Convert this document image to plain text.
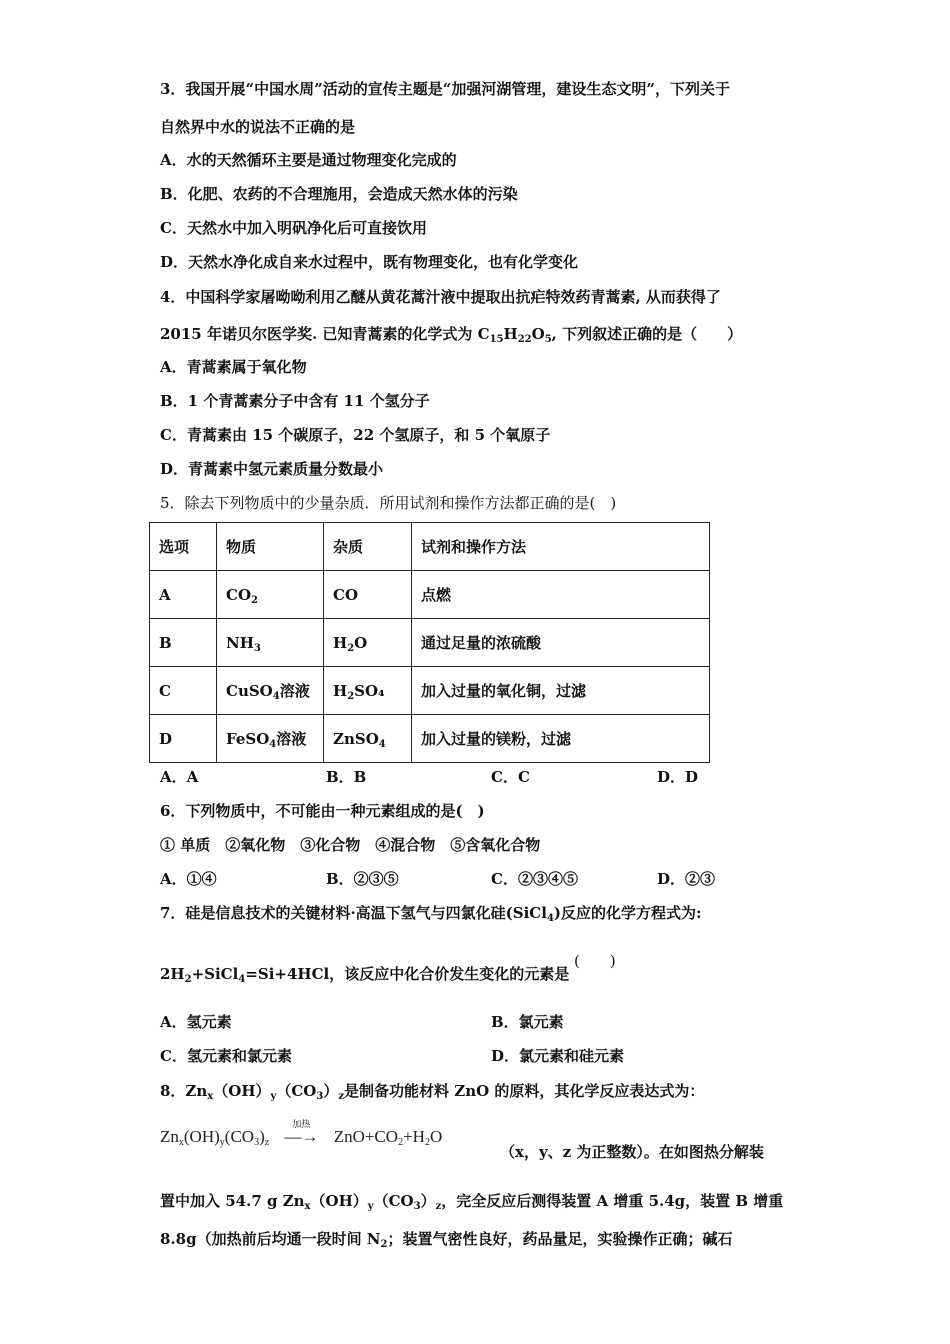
3．我国开展“中国水周”活动的宣传主题是“加强河湖管理，建设生态文明”，下列关于
自然界中水的说法不正确的是
A．水的天然循环主要是通过物理变化完成的
B．化肥、农药的不合理施用，会造成天然水体的污染
C．天然水中加入明矾净化后可直接饮用
D．天然水净化成自来水过程中，既有物理变化，也有化学变化
4．中国科学家屠呦呦利用乙醚从黄花蒿汁液中提取出抗疟特效药青蒿素, 从而获得了
2015 年诺贝尔医学奖. 已知青蒿素的化学式为 $C_{15}H_{22}O_5$, 下列叙述正确的是（　　）
A．青蒿素属于氧化物
B．1 个青蒿素分子中含有 11 个氢分子
C．青蒿素由 15 个碳原子，22 个氢原子，和 5 个氧原子
D．青蒿素中氢元素质量分数最小
5．除去下列物质中的少量杂质．所用试剂和操作方法都正确的是(　)
选项	物质	杂质	试剂和操作方法
A	$CO_2$	CO	点燃
B	$NH_3$	$H_2O$	通过足量的浓硫酸
C	CuSO$_4$溶液	$H_2SO_4$	加入过量的氧化铜，过滤
D	FeSO$_4$溶液	ZnSO$_4$	加入过量的镁粉，过滤
A．A	B．B	C．C	D．D
6．下列物质中，不可能由一种元素组成的是(　)
① 单质　②氧化物　③化合物　④混合物　⑤含氧化合物
A．①④	B．②③⑤	C．②③④⑤	D．②③
7．硅是信息技术的关键材料·高温下氢气与四氯化硅(SiCl$_4$)反应的化学方程式为:
$2H_2+SiCl_4=Si+4HCl$，该反应中化合价发生变化的元素是
(　　)
A．氢元素	B．氯元素
C．氢元素和氯元素	D．氯元素和硅元素
8．$Zn_x(OH)_y(CO_3)_z$是制备功能材料 ZnO 的原料，其化学反应表达式为：
$Zn_x(OH)_y(CO_3)_z$
加热
—→ $ZnO+CO_2+H_2O$
（x，y、z 为正整数）。在如图热分解装
置中加入 54.7 g $Zn_x(OH)_y(CO_3)_z$，完全反应后测得装置 A 增重 5.4g，装置 B 增重
8.8g（加热前后均通一段时间 $N_2$；装置气密性良好，药品量足，实验操作正确；碱石
